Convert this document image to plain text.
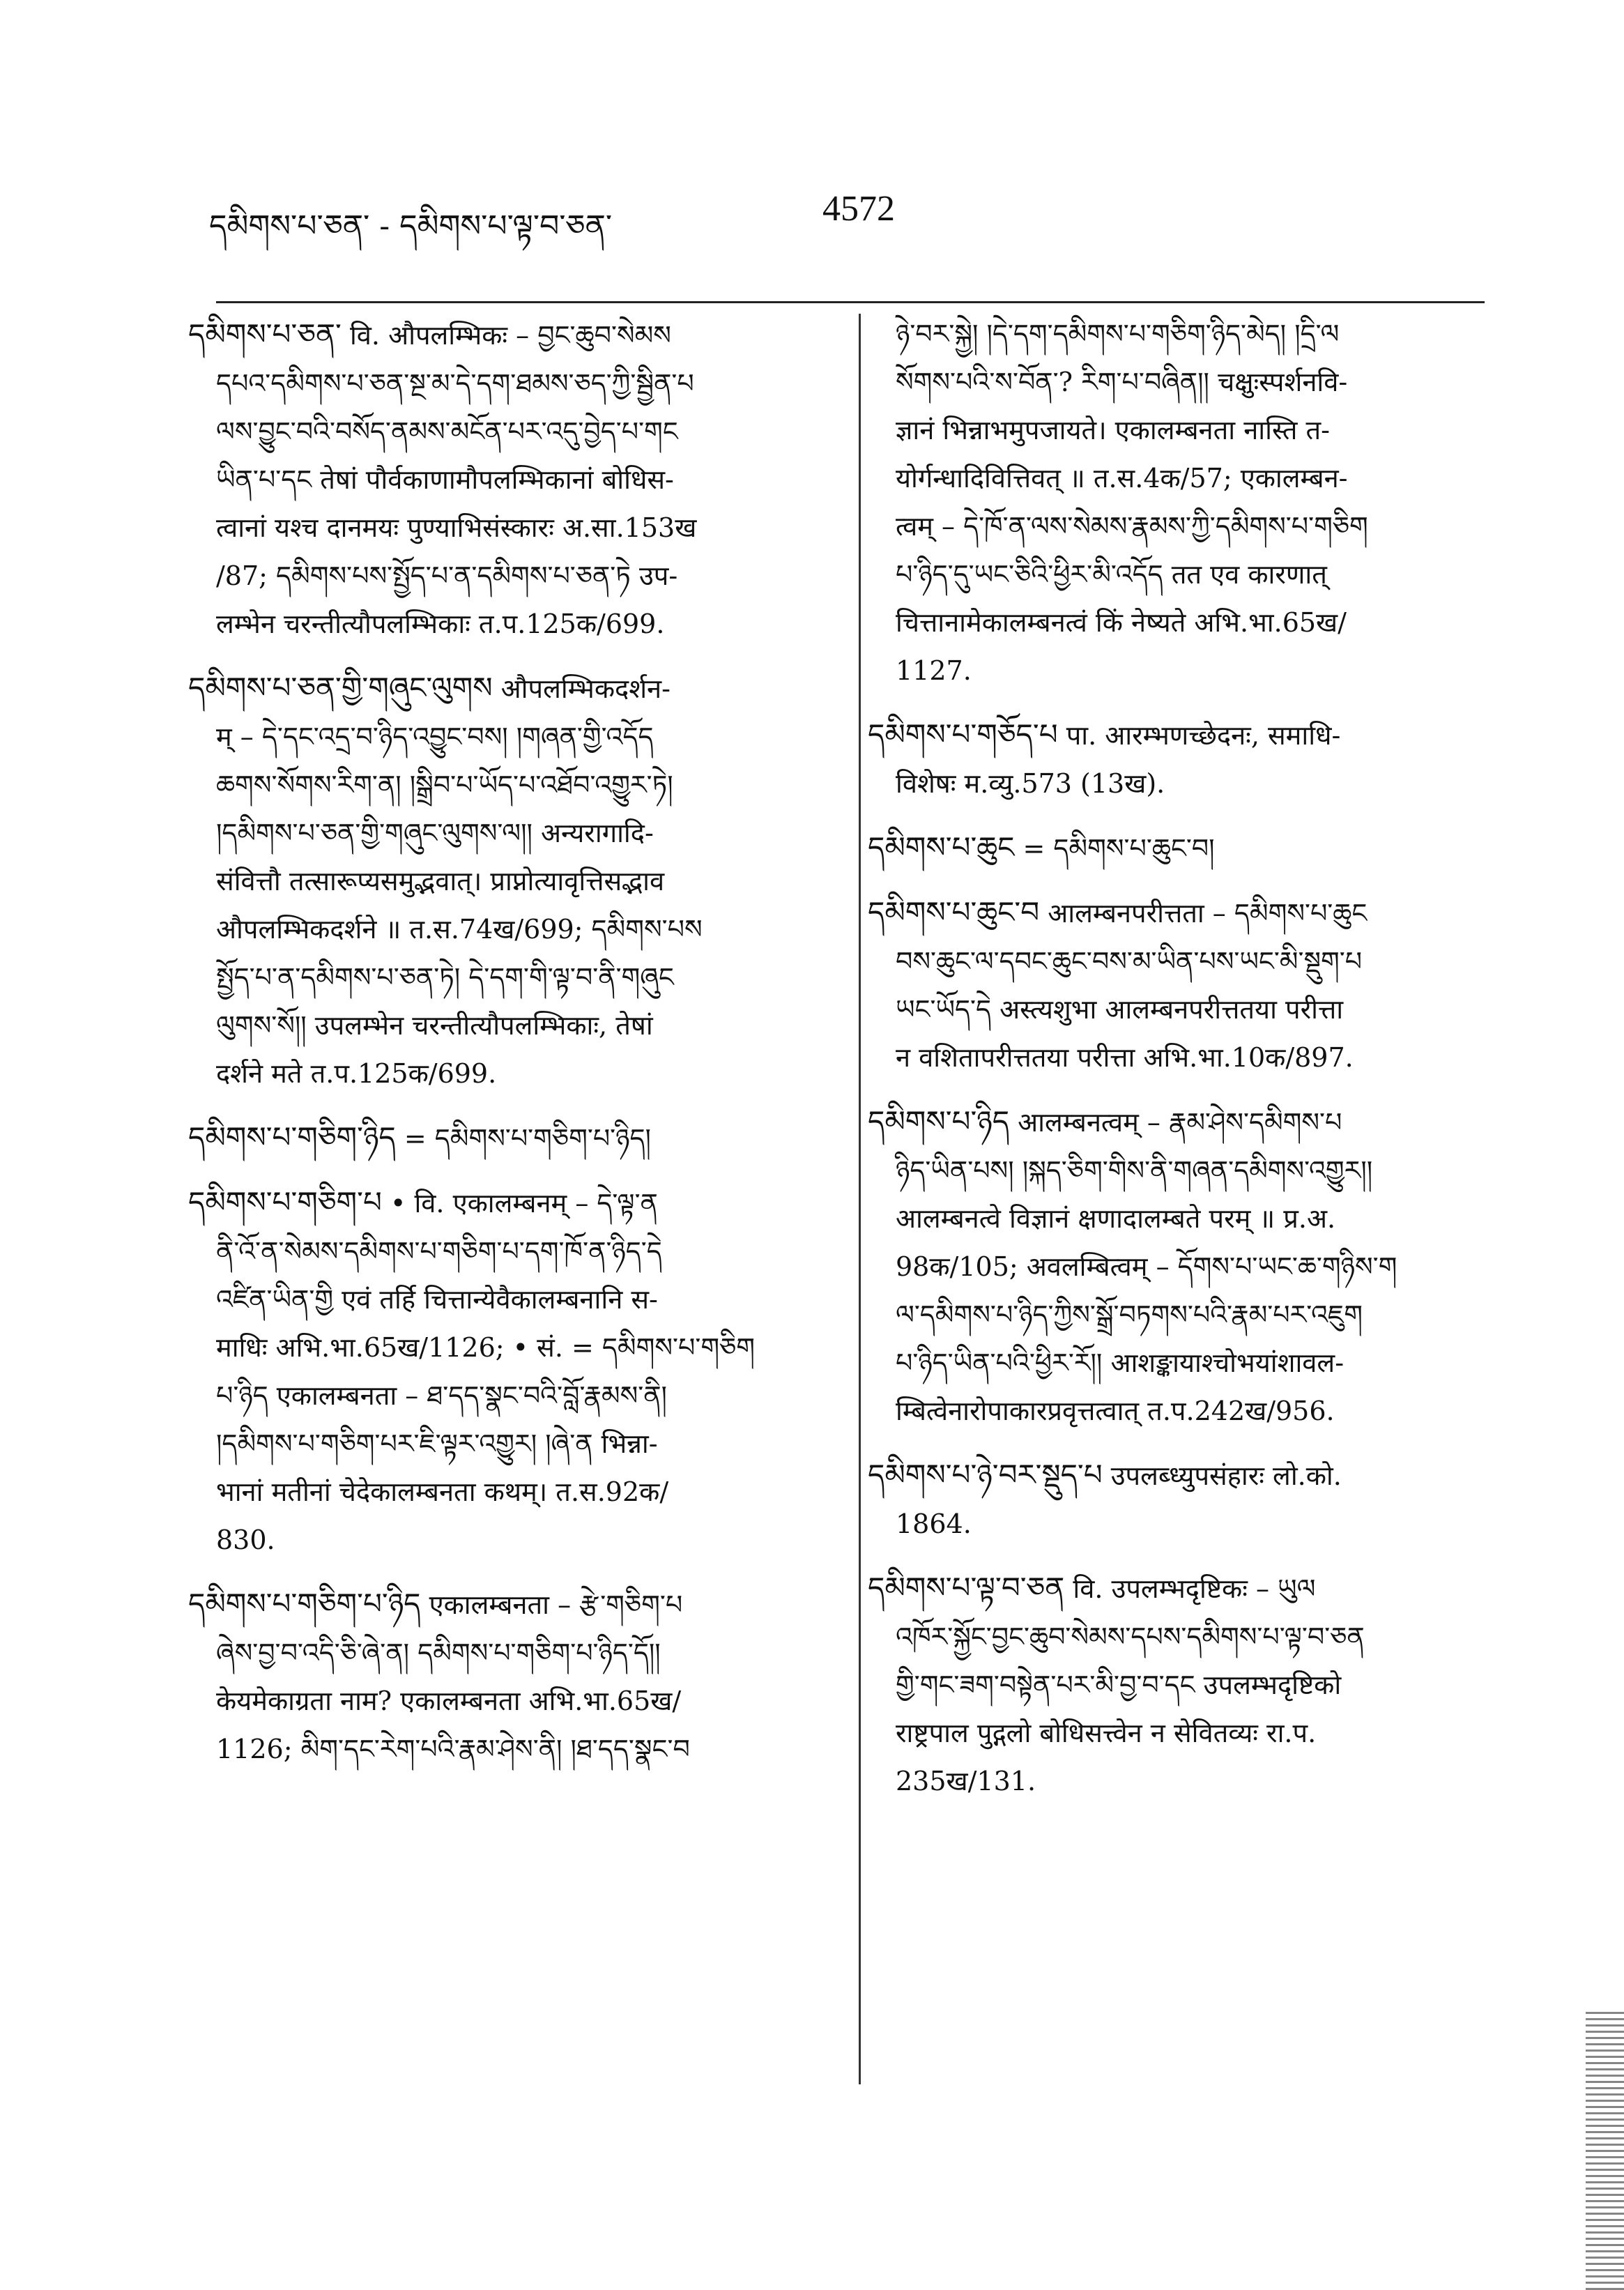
དམིགས་པ་ཅན་ - དམིགས་པ་ལྟ་བ་ཅན་	4572
དམིགས་པ་ཅན་ वि. औपलम्भिकः – བྱང་ཆུབ་སེམས

དཔའ་དམིགས་པ་ཅན་སྔ་མ་དེ་དག་ཐམས་ཅད་ཀྱི་སྦྱིན་པ

ལས་བྱུང་བའི་བསོད་ནམས་མངོན་པར་འདུ་བྱེད་པ་གང

ཡིན་པ་དང तेषां पौर्वकाणामौपलम्भिकानां बोधिस-

त्वानां यश्च दानमयः पुण्याभिसंस्कारः अ.सा.153ख

/87; དམིགས་པས་སྤྱོད་པ་ན་དམིགས་པ་ཅན་ཏེ उप-

लम्भेन चरन्तीत्यौपलम्भिकाः त.प.125क/699.

དམིགས་པ་ཅན་གྱི་གཞུང་ལུགས औपलम्भिकदर्शन-

म् – དེ་དང་འདྲ་བ་ཉིད་འབྱུང་བས། །གཞན་གྱི་འདོད

ཆགས་སོགས་རིག་ན། །སྒྲིབ་པ་ཡོད་པ་འཐོབ་འགྱུར་ཏེ།

།དམིགས་པ་ཅན་གྱི་གཞུང་ལུགས་ལ།། अन्यरागादि-

संवित्तौ तत्सारूप्यसमुद्भवात्। प्राप्नोत्यावृत्तिसद्भाव

औपलम्भिकदर्शने ॥ त.स.74ख/699; དམིགས་པས

སྤྱོད་པ་ན་དམིགས་པ་ཅན་ཏེ། དེ་དག་གི་ལྟ་བ་ནི་གཞུང

ལུགས་སོ།། उपलम्भेन चरन्तीत्यौपलम्भिकाः, तेषां

दर्शने मते त.प.125क/699.

དམིགས་པ་གཅིག་ཉིད = དམིགས་པ་གཅིག་པ་ཉིད།
དམིགས་པ་གཅིག་པ • वि. एकालम्बनम् – དེ་ལྟ་ན

ནི་འོ་ན་སེམས་དམིགས་པ་གཅིག་པ་དག་ཁོ་ན་ཉིད་དེ

འཛིན་ཡིན་གྱི एवं तर्हि चित्तान्येवैकालम्बनानि स-

माधिः अभि.भा.65ख/1126; • सं. = དམིགས་པ་གཅིག

པ་ཉིད एकालम्बनता – ཐ་དད་སྣང་བའི་བློ་རྣམས་ནི།

།དམིགས་པ་གཅིག་པར་ཇི་ལྟར་འགྱུར། །ཞེ་ན भिन्ना-

भानां मतीनां चेदेकालम्बनता कथम्। त.स.92क/

830.

དམིགས་པ་གཅིག་པ་ཉིད एकालम्बनता – རྩེ་གཅིག་པ

ཞེས་བྱ་བ་འདི་ཅི་ཞེ་ན། དམིགས་པ་གཅིག་པ་ཉིད་དོ།།

केयमेकाग्रता नाम? एकालम्बनता अभि.भा.65ख/

1126; མིག་དང་རེག་པའི་རྣམ་ཤེས་ནི། །ཐ་དད་སྣང་བ

ཉེ་བར་སྐྱེ། །དེ་དག་དམིགས་པ་གཅིག་ཉིད་མེད། །དྲི་ལ

སོགས་པའི་ས་བོན་? རིག་པ་བཞིན།། चक्षुःस्पर्शनवि-

ज्ञानं भिन्नाभमुपजायते। एकालम्बनता नास्ति त-

योर्गन्धादिवित्तिवत् ॥ त.स.4क/57; एकालम्बन-

त्वम् – དེ་ཁོ་ན་ལས་སེམས་རྣམས་ཀྱི་དམིགས་པ་གཅིག

པ་ཉིད་དུ་ཡང་ཅིའི་ཕྱིར་མི་འདོད तत एव कारणात्

चित्तानामेकालम्बनत्वं किं नेष्यते अभि.भा.65ख/

1127.

དམིགས་པ་གཅོད་པ पा. आरम्भणच्छेदनः, समाधि-

विशेषः म.व्यु.573 (13ख).

དམིགས་པ་ཆུང = དམིགས་པ་ཆུང་བ།
དམིགས་པ་ཆུང་བ आलम्बनपरीत्तता – དམིགས་པ་ཆུང

བས་ཆུང་ལ་དབང་ཆུང་བས་མ་ཡིན་པས་ཡང་མི་སྡུག་པ

ཡང་ཡོད་དེ अस्त्यशुभा आलम्बनपरीत्ततया परीत्ता

न वशितापरीत्ततया परीत्ता अभि.भा.10क/897.

དམིགས་པ་ཉིད आलम्बनत्वम् – རྣམ་ཤེས་དམིགས་པ

ཉིད་ཡིན་པས། །སྐད་ཅིག་གིས་ནི་གཞན་དམིགས་འགྱུར།།

आलम्बनत्वे विज्ञानं क्षणादालम्बते परम् ॥ प्र.अ.

98क/105; अवलम्बित्वम् – དོགས་པ་ཡང་ཆ་གཉིས་ག

ལ་དམིགས་པ་ཉིད་ཀྱིས་སྒྲོ་བཏགས་པའི་རྣམ་པར་འཇུག

པ་ཉིད་ཡིན་པའི་ཕྱིར་རོ།། आशङ्कायाश्चोभयांशावल-

म्बित्वेनारोपाकारप्रवृत्तत्वात् त.प.242ख/956.

དམིགས་པ་ཉེ་བར་སྡུད་པ उपलब्ध्युपसंहारः लो.को.

1864.

དམིགས་པ་ལྟ་བ་ཅན वि. उपलम्भदृष्टिकः – ཡུལ

འཁོར་སྐྱོང་བྱང་ཆུབ་སེམས་དཔས་དམིགས་པ་ལྟ་བ་ཅན

གྱི་གང་ཟག་བསྟེན་པར་མི་བྱ་བ་དང उपलम्भदृष्टिको

राष्ट्रपाल पुद्गलो बोधिसत्त्वेन न सेवितव्यः रा.प.

235ख/131.
